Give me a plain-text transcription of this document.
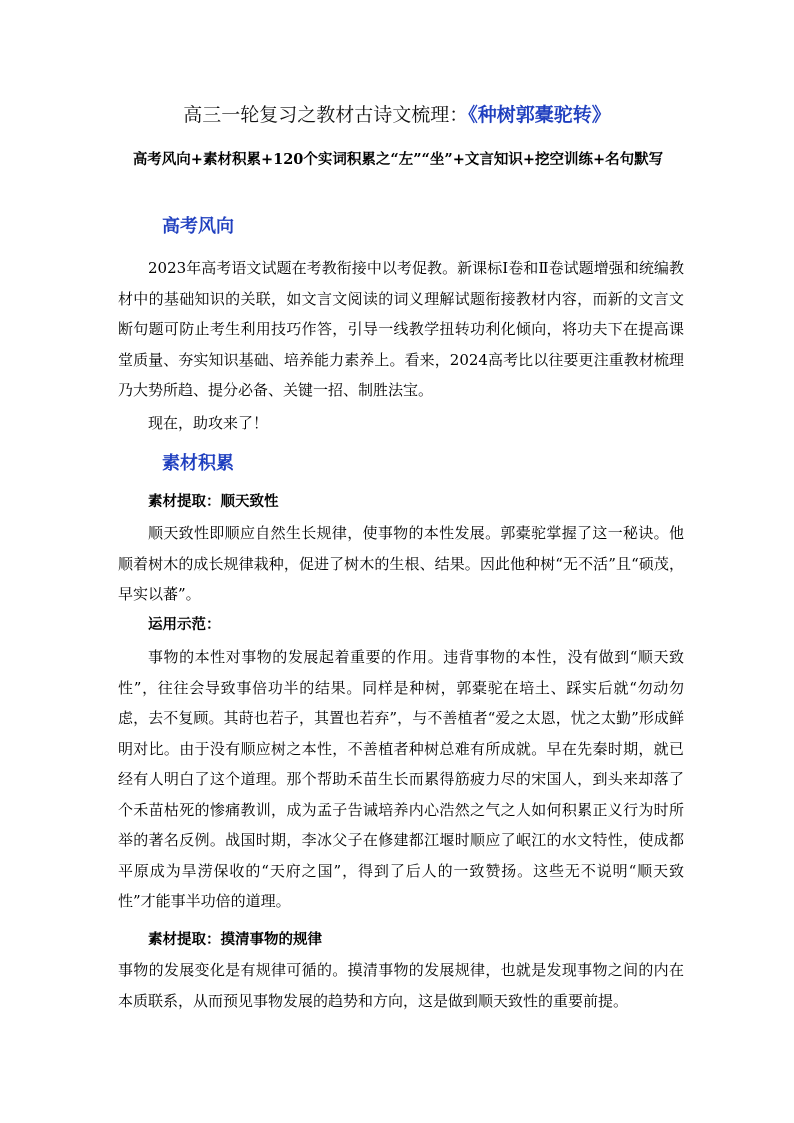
高三一轮复习之教材古诗文梳理：《种树郭橐驼转》
高考风向+素材积累+120个实词积累之“左”“坐”+文言知识+挖空训练+名句默写
高考风向
2023年高考语文试题在考教衔接中以考促教。新课标Ⅰ卷和Ⅱ卷试题增强和统编教材中的基础知识的关联，如文言文阅读的词义理解试题衔接教材内容，而新的文言文断句题可防止考生利用技巧作答，引导一线教学扭转功利化倾向，将功夫下在提高课堂质量、夯实知识基础、培养能力素养上。看来，2024高考比以往要更注重教材梳理乃大势所趋、提分必备、关键一招、制胜法宝。
现在，助攻来了！
素材积累
素材提取：顺天致性
顺天致性即顺应自然生长规律，使事物的本性发展。郭橐驼掌握了这一秘诀。他顺着树木的成长规律栽种，促进了树木的生根、结果。因此他种树“无不活”且“硕茂，早实以蕃”。
运用示范：
事物的本性对事物的发展起着重要的作用。违背事物的本性，没有做到“顺天致性”，往往会导致事倍功半的结果。同样是种树，郭橐驼在培土、踩实后就“勿动勿虑，去不复顾。其莳也若子，其置也若弃”，与不善植者“爱之太恩，忧之太勤”形成鲜明对比。由于没有顺应树之本性，不善植者种树总难有所成就。早在先秦时期，就已经有人明白了这个道理。那个帮助禾苗生长而累得筋疲力尽的宋国人，到头来却落了个禾苗枯死的惨痛教训，成为孟子告诫培养内心浩然之气之人如何积累正义行为时所举的著名反例。战国时期，李冰父子在修建都江堰时顺应了岷江的水文特性，使成都平原成为旱涝保收的“天府之国”，得到了后人的一致赞扬。这些无不说明“顺天致性”才能事半功倍的道理。
素材提取：摸清事物的规律
事物的发展变化是有规律可循的。摸清事物的发展规律，也就是发现事物之间的内在本质联系，从而预见事物发展的趋势和方向，这是做到顺天致性的重要前提。
